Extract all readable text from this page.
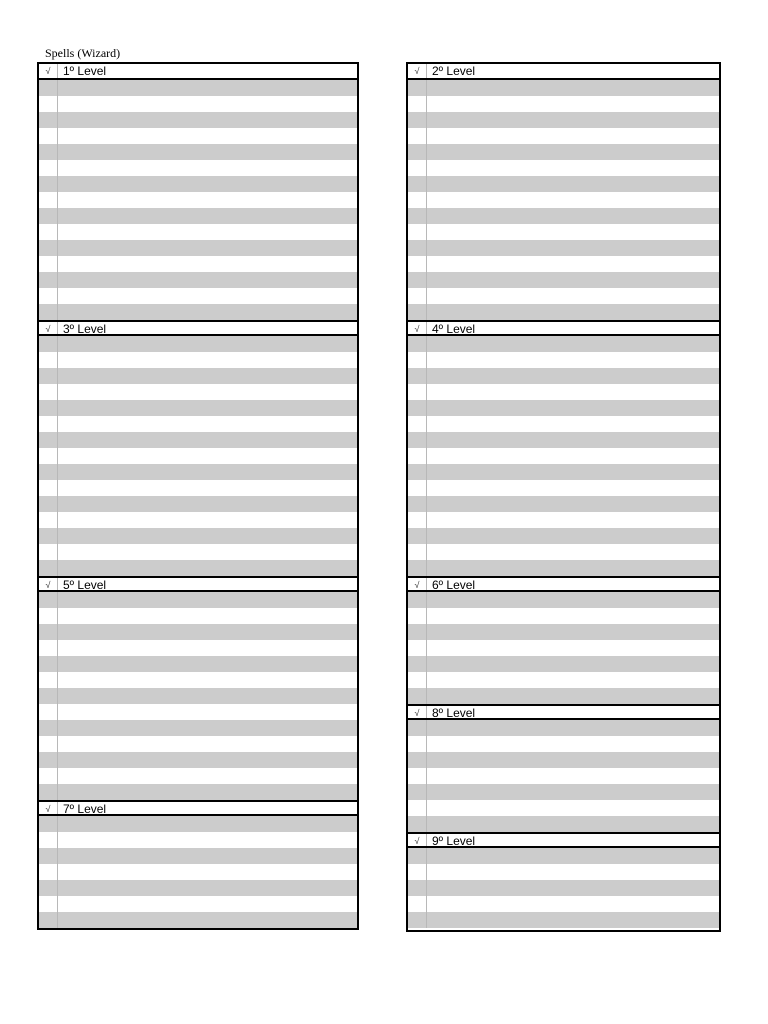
Spells (Wizard)
√	1º Level
√	3º Level
√	5º Level
√	7º Level
√	2º Level
√	4º Level
√	6º Level
√	8º Level
√	9º Level
